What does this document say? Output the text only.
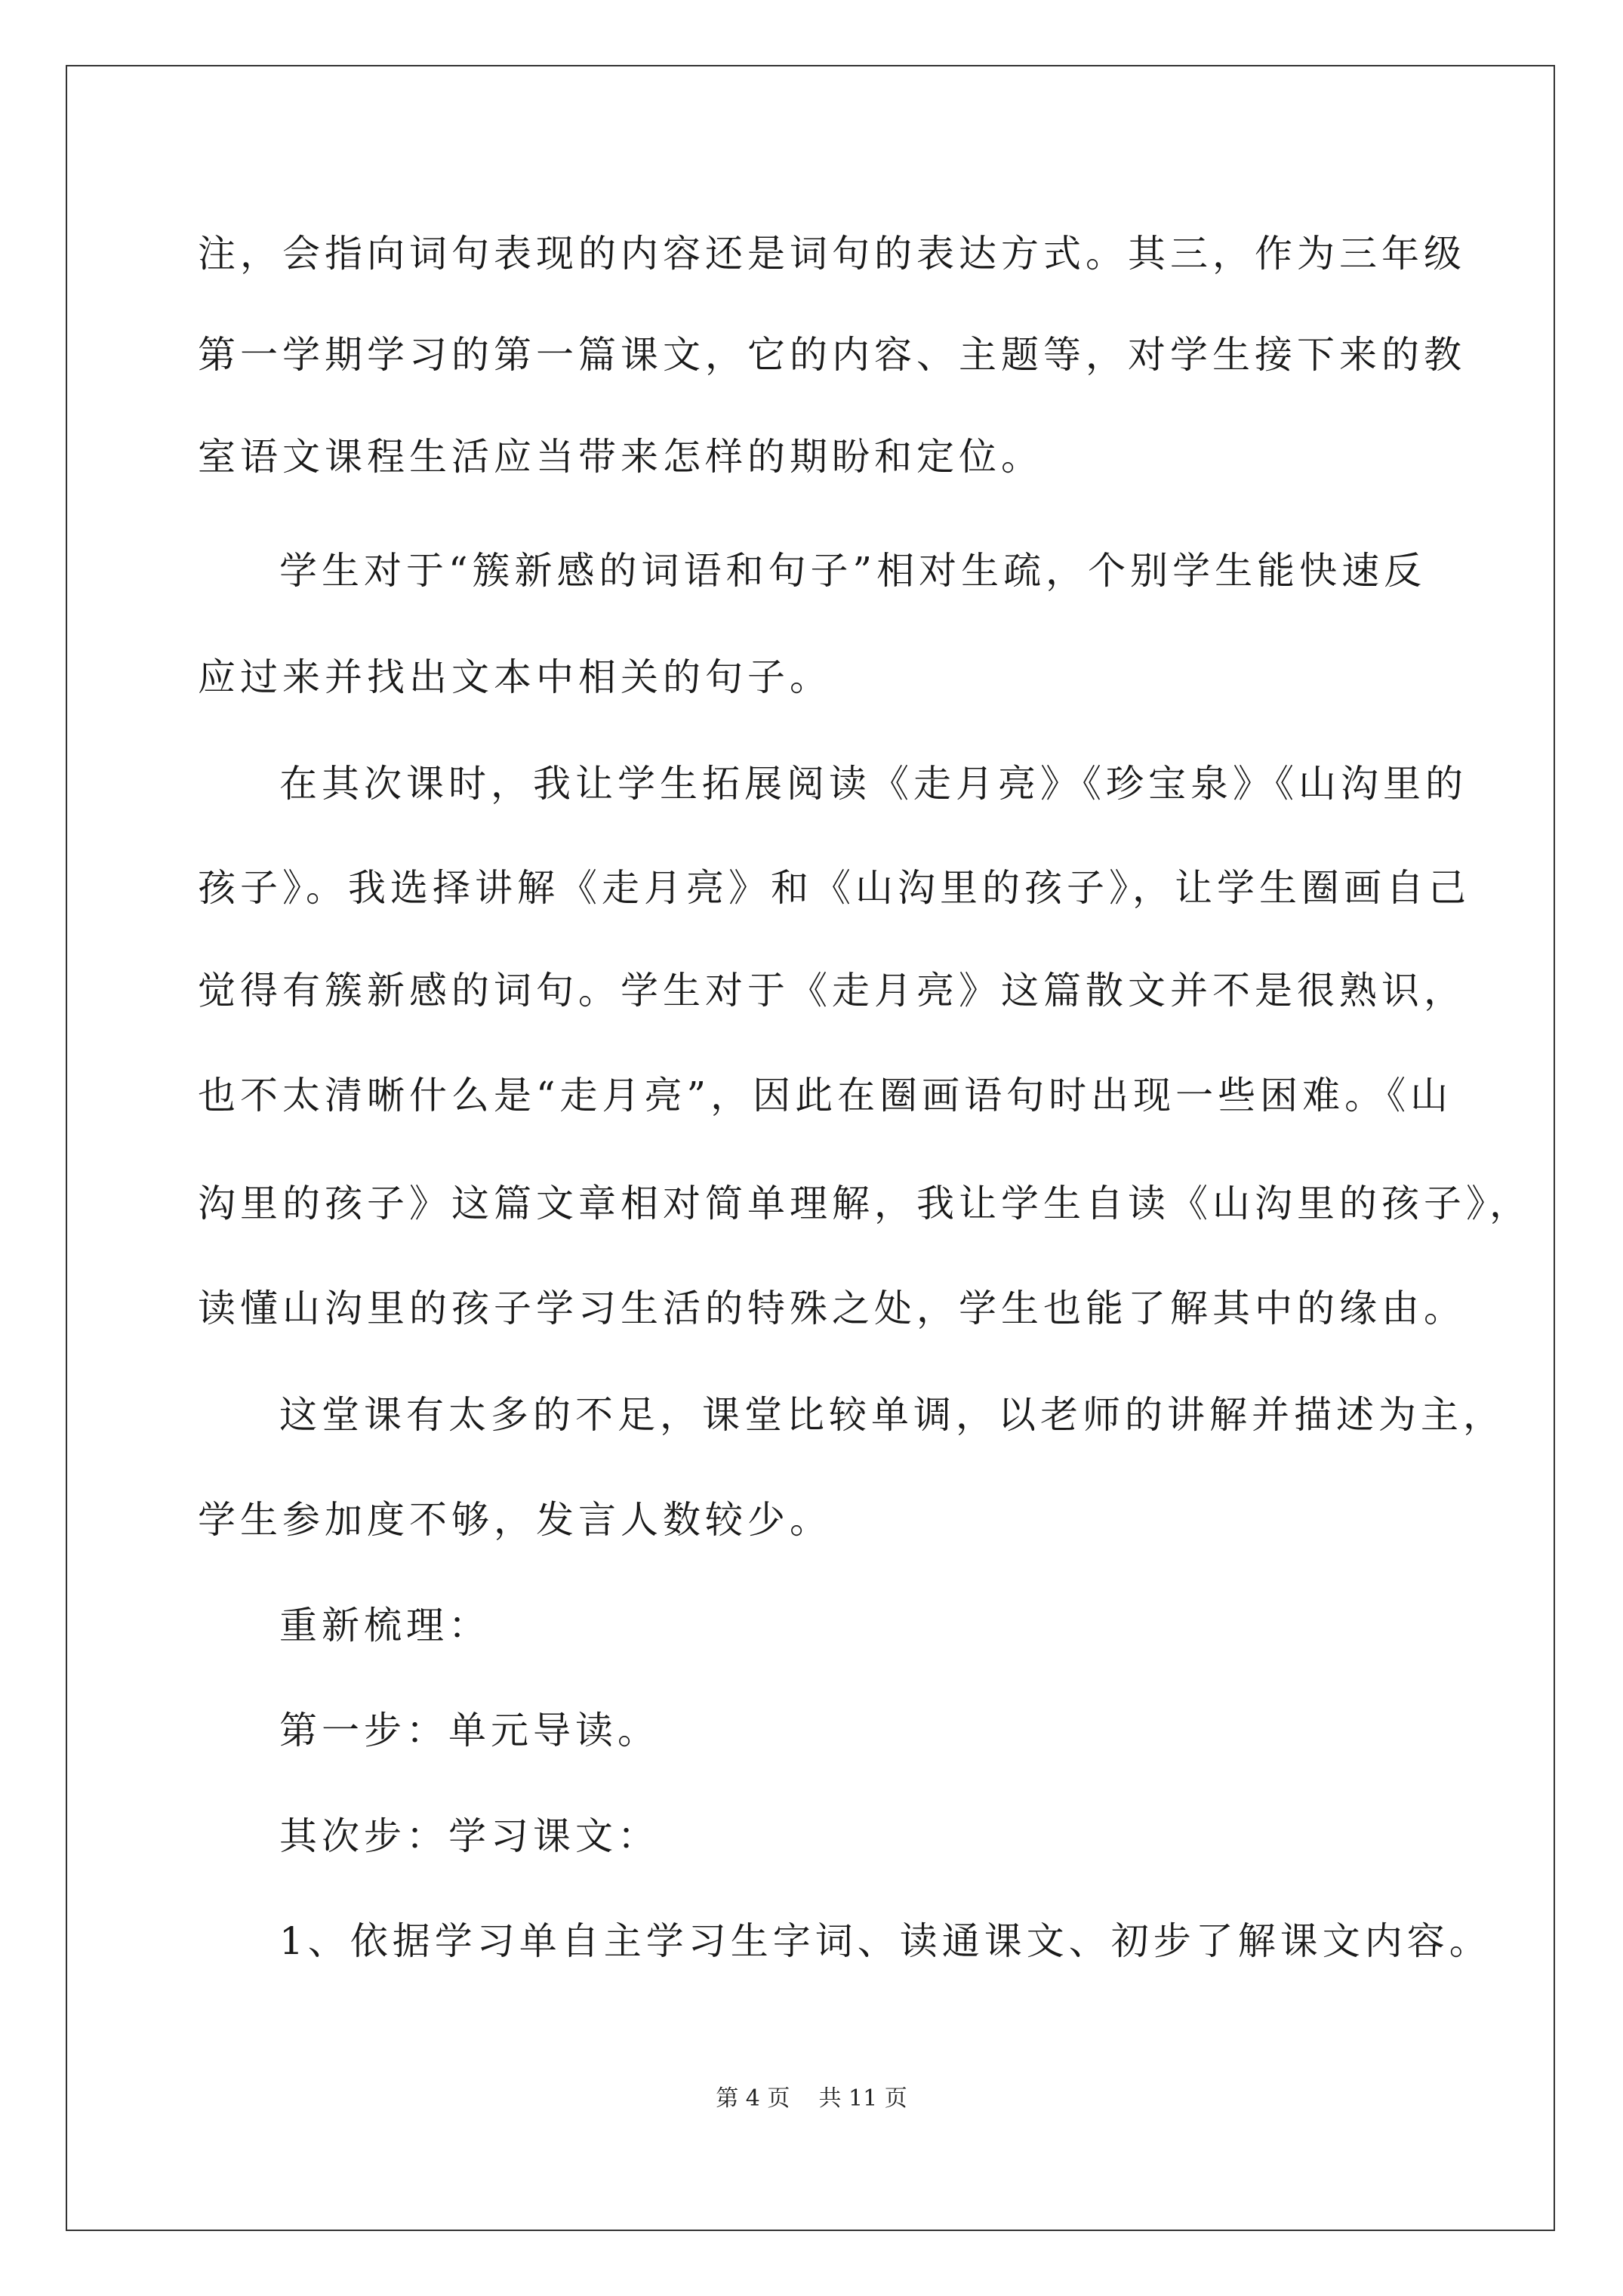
注，会指向词句表现的内容还是词句的表达方式。其三，作为三年级
第一学期学习的第一篇课文，它的内容、主题等，对学生接下来的教
室语文课程生活应当带来怎样的期盼和定位。
学生对于“簇新感的词语和句子”相对生疏，个别学生能快速反
应过来并找出文本中相关的句子。
在其次课时，我让学生拓展阅读《走月亮》《珍宝泉》《山沟里的
孩子》。我选择讲解《走月亮》和《山沟里的孩子》，让学生圈画自己
觉得有簇新感的词句。学生对于《走月亮》这篇散文并不是很熟识，
也不太清晰什么是“走月亮”，因此在圈画语句时出现一些困难。《山
沟里的孩子》这篇文章相对简单理解，我让学生自读《山沟里的孩子》，
读懂山沟里的孩子学习生活的特殊之处，学生也能了解其中的缘由。
这堂课有太多的不足，课堂比较单调，以老师的讲解并描述为主，
学生参加度不够，发言人数较少。
重新梳理：
第一步：单元导读。
其次步：学习课文：
1、依据学习单自主学习生字词、读通课文、初步了解课文内容。
第 4 页    共 11 页
